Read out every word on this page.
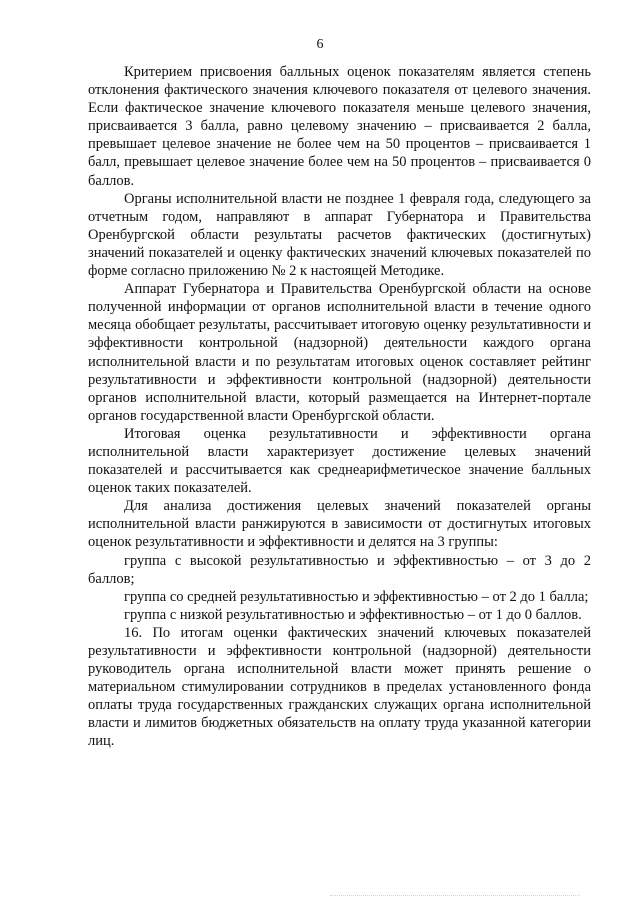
6

Критерием присвоения балльных оценок показателям является степень отклонения фактического значения ключевого показателя от целевого значения. Если фактическое значение ключевого показателя меньше целевого значения, присваивается 3 балла, равно целевому значению – присваивается 2 балла, превышает целевое значение не более чем на 50 процентов – присваивается 1 балл, превышает целевое значение более чем на 50 процентов – присваивается 0 баллов.

Органы исполнительной власти не позднее 1 февраля года, следующего за отчетным годом, направляют в аппарат Губернатора и Правительства Оренбургской области результаты расчетов фактических (достигнутых) значений показателей и оценку фактических значений ключевых показателей по форме согласно приложению № 2 к настоящей Методике.

Аппарат Губернатора и Правительства Оренбургской области на основе полученной информации от органов исполнительной власти в течение одного месяца обобщает результаты, рассчитывает итоговую оценку результативности и эффективности контрольной (надзорной) деятельности каждого органа исполнительной власти и по результатам итоговых оценок составляет рейтинг результативности и эффективности контрольной (надзорной) деятельности органов исполнительной власти, который размещается на Интернет-портале органов государственной власти Оренбургской области.

Итоговая оценка результативности и эффективности органа исполнительной власти характеризует достижение целевых значений показателей и рассчитывается как среднеарифметическое значение балльных оценок таких показателей.

Для анализа достижения целевых значений показателей органы исполнительной власти ранжируются в зависимости от достигнутых итоговых оценок результативности и эффективности и делятся на 3 группы:

группа с высокой результативностью и эффективностью – от 3 до 2 баллов;

группа со средней результативностью и эффективностью – от 2 до 1 балла;

группа с низкой результативностью и эффективностью – от 1 до 0 баллов.

16. По итогам оценки фактических значений ключевых показателей результативности и эффективности контрольной (надзорной) деятельности руководитель органа исполнительной власти может принять решение о материальном стимулировании сотрудников в пределах установленного фонда оплаты труда государственных гражданских служащих органа исполнительной власти и лимитов бюджетных обязательств на оплату труда указанной категории лиц.
